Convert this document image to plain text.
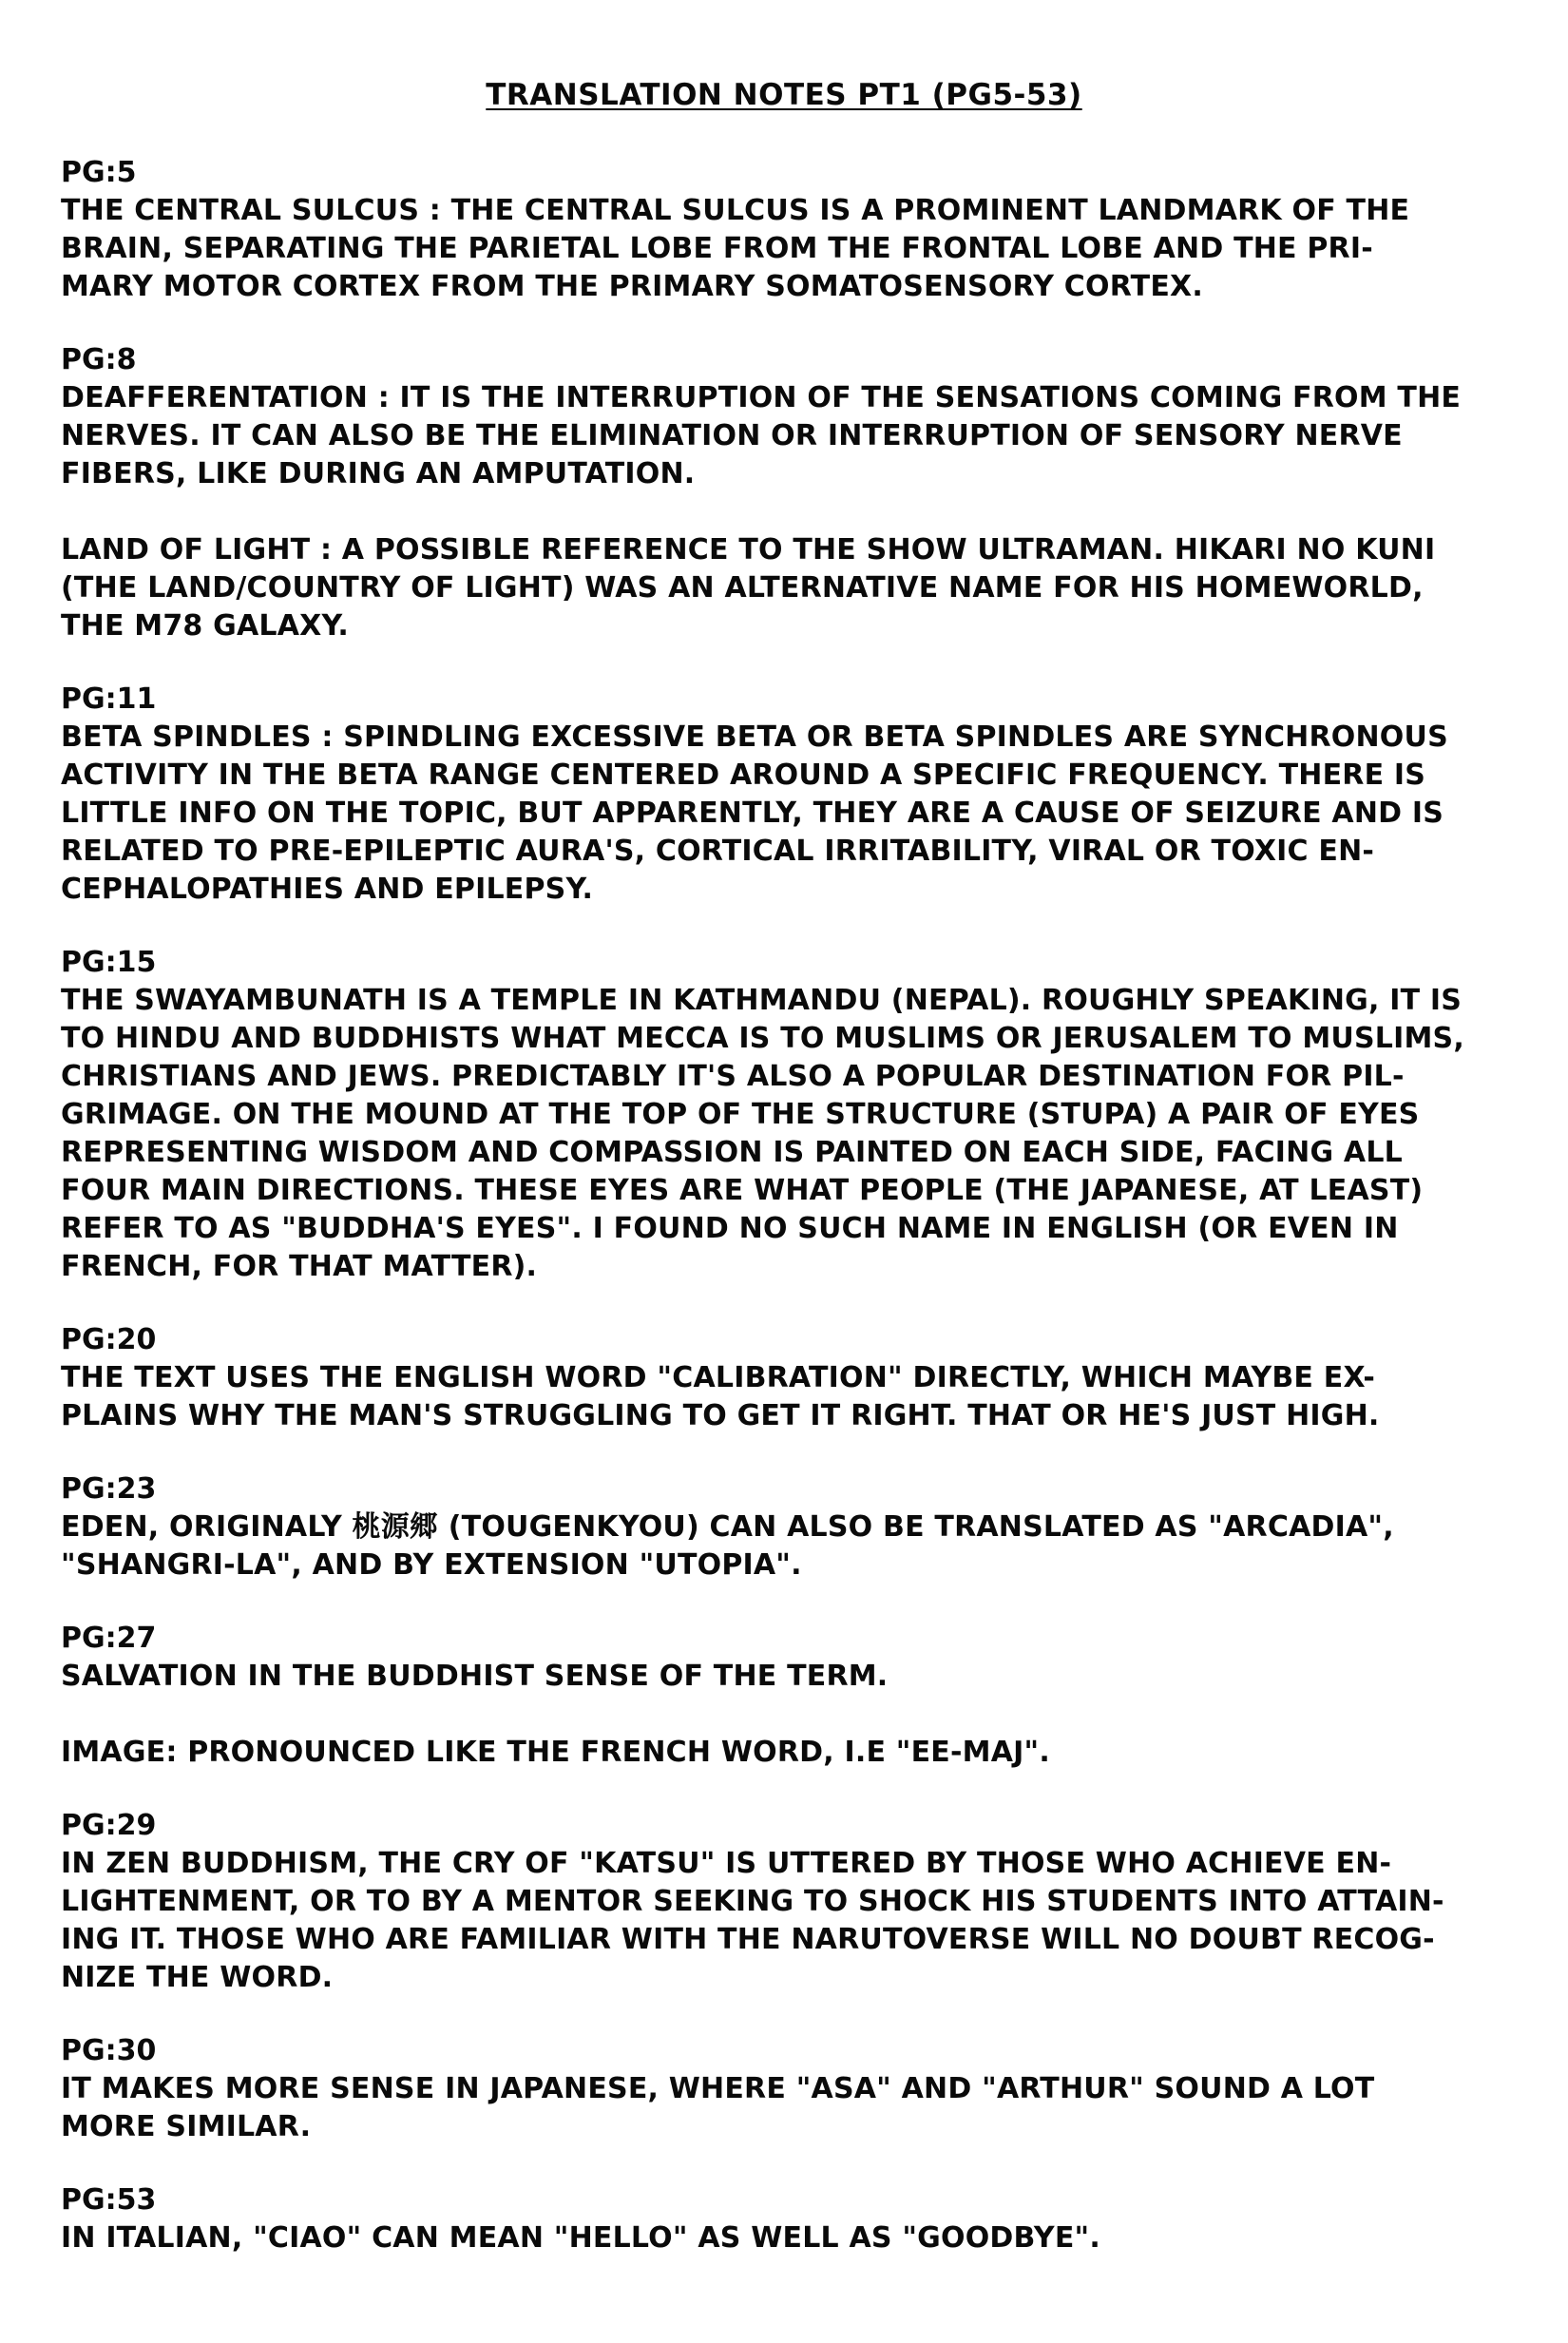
TRANSLATION NOTES PT1 (PG5-53)
PG:5
THE CENTRAL SULCUS : THE CENTRAL SULCUS IS A PROMINENT LANDMARK OF THE
BRAIN, SEPARATING THE PARIETAL LOBE FROM THE FRONTAL LOBE AND THE PRI-
MARY MOTOR CORTEX FROM THE PRIMARY SOMATOSENSORY CORTEX.
PG:8
DEAFFERENTATION : IT IS THE INTERRUPTION OF THE SENSATIONS COMING FROM THE
NERVES. IT CAN ALSO BE THE ELIMINATION OR INTERRUPTION OF SENSORY NERVE
FIBERS, LIKE DURING AN AMPUTATION.
LAND OF LIGHT : A POSSIBLE REFERENCE TO THE SHOW ULTRAMAN. HIKARI NO KUNI
(THE LAND/COUNTRY OF LIGHT) WAS AN ALTERNATIVE NAME FOR HIS HOMEWORLD,
THE M78 GALAXY.
PG:11
BETA SPINDLES : SPINDLING EXCESSIVE BETA OR BETA SPINDLES ARE SYNCHRONOUS
ACTIVITY IN THE BETA RANGE CENTERED AROUND A SPECIFIC FREQUENCY. THERE IS
LITTLE INFO ON THE TOPIC, BUT APPARENTLY, THEY ARE A CAUSE OF SEIZURE AND IS
RELATED TO PRE-EPILEPTIC AURA'S, CORTICAL IRRITABILITY, VIRAL OR TOXIC EN-
CEPHALOPATHIES AND EPILEPSY.
PG:15
THE SWAYAMBUNATH IS A TEMPLE IN KATHMANDU (NEPAL). ROUGHLY SPEAKING, IT IS
TO HINDU AND BUDDHISTS WHAT MECCA IS TO MUSLIMS OR JERUSALEM TO MUSLIMS,
CHRISTIANS AND JEWS. PREDICTABLY IT'S ALSO A POPULAR DESTINATION FOR PIL-
GRIMAGE. ON THE MOUND AT THE TOP OF THE STRUCTURE (STUPA) A PAIR OF EYES
REPRESENTING WISDOM AND COMPASSION IS PAINTED ON EACH SIDE, FACING ALL
FOUR MAIN DIRECTIONS. THESE EYES ARE WHAT PEOPLE (THE JAPANESE, AT LEAST)
REFER TO AS "BUDDHA'S EYES". I FOUND NO SUCH NAME IN ENGLISH (OR EVEN IN
FRENCH, FOR THAT MATTER).
PG:20
THE TEXT USES THE ENGLISH WORD "CALIBRATION" DIRECTLY, WHICH MAYBE EX-
PLAINS WHY THE MAN'S STRUGGLING TO GET IT RIGHT. THAT OR HE'S JUST HIGH.
PG:23
EDEN, ORIGINALY 桃源郷 (TOUGENKYOU) CAN ALSO BE TRANSLATED AS "ARCADIA",
"SHANGRI-LA", AND BY EXTENSION "UTOPIA".
PG:27
SALVATION IN THE BUDDHIST SENSE OF THE TERM.
IMAGE: PRONOUNCED LIKE THE FRENCH WORD, I.E "EE-MAJ".
PG:29
IN ZEN BUDDHISM, THE CRY OF "KATSU" IS UTTERED BY THOSE WHO ACHIEVE EN-
LIGHTENMENT, OR TO BY A MENTOR SEEKING TO SHOCK HIS STUDENTS INTO ATTAIN-
ING IT. THOSE WHO ARE FAMILIAR WITH THE NARUTOVERSE WILL NO DOUBT RECOG-
NIZE THE WORD.
PG:30
IT MAKES MORE SENSE IN JAPANESE, WHERE "ASA" AND "ARTHUR" SOUND A LOT
MORE SIMILAR.
PG:53
IN ITALIAN, "CIAO" CAN MEAN "HELLO" AS WELL AS "GOODBYE".
